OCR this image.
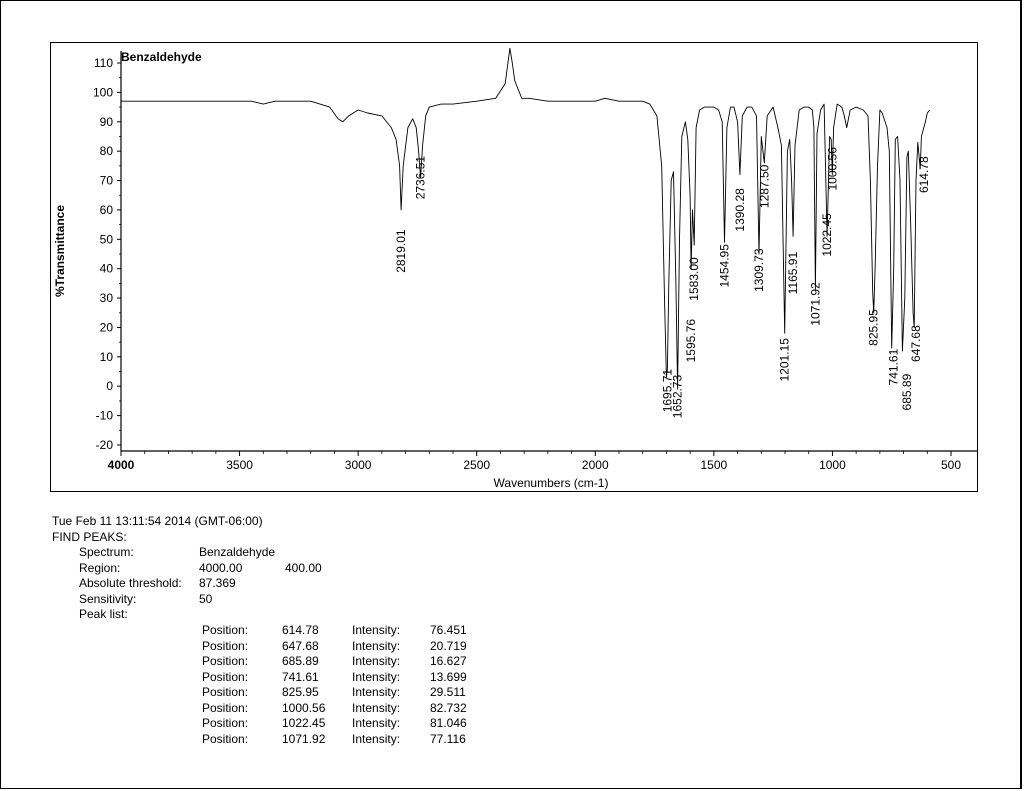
-20
-10
0
10
20
30
40
50
60
70
80
90
100
110
4000	3500	3000	2500	2000	1500	1000	500
Wavenumbers (cm-1)
%Transmittance
Benzaldehyde
2819.01
2736.51
1695.71
1652.73
1595.76
1583.00 1454.95
1390.28
1309.73
1287.50
1201.15
1165.91
1071.92
1022.45
1000.56
825.95
741.61
685.89
647.68
614.78
Tue Feb 11 13:11:54 2014 (GMT-06:00)
FIND PEAKS:
Spectrum:	Benzaldehyde
Region:	4000.00	400.00
Absolute threshold: 87.369
Sensitivity:	50
Peak list:
Position:	614.78	Intensity: 76.451
Position:	647.68	Intensity: 20.719
Position:	685.89	Intensity: 16.627
Position:	741.61	Intensity: 13.699
Position:	825.95	Intensity: 29.511
Position:	1000.56 Intensity: 82.732
Position:	1022.45 Intensity: 81.046
Position:	1071.92 Intensity: 77.116
